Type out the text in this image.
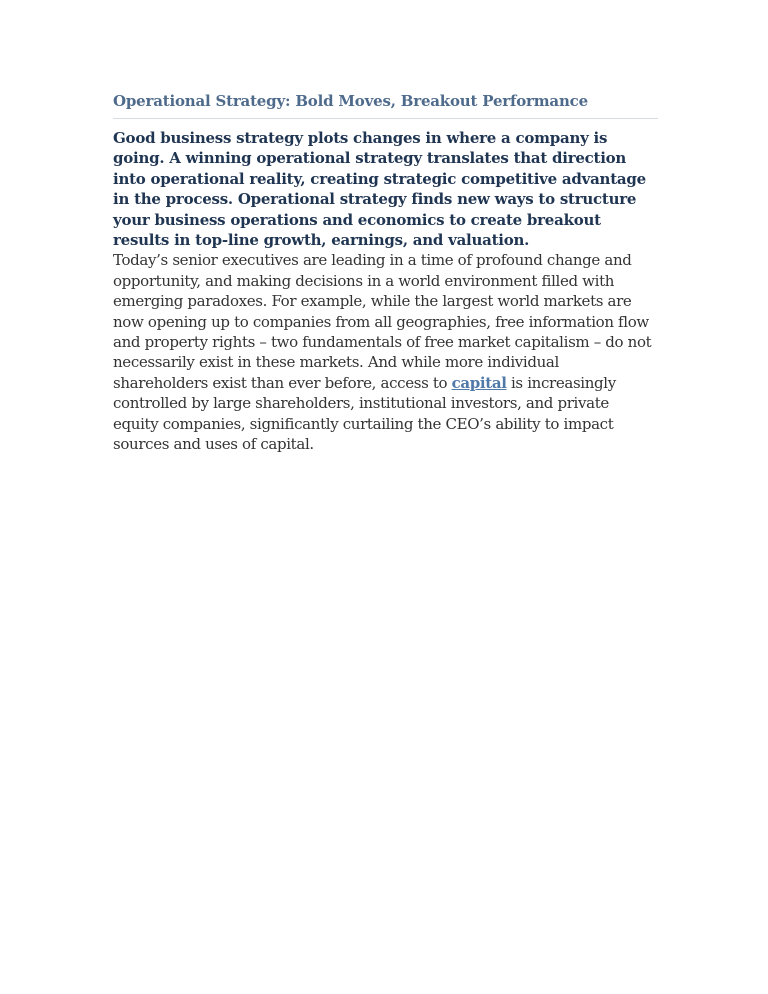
Operational Strategy: Bold Moves, Breakout Performance

Good business strategy plots changes in where a company is going. A winning operational strategy translates that direction into operational reality, creating strategic competitive advantage in the process. Operational strategy finds new ways to structure your business operations and economics to create breakout results in top-line growth, earnings, and valuation.

Today’s senior executives are leading in a time of profound change and opportunity, and making decisions in a world environment filled with emerging paradoxes. For example, while the largest world markets are now opening up to companies from all geographies, free information flow and property rights – two fundamentals of free market capitalism – do not necessarily exist in these markets. And while more individual shareholders exist than ever before, access to capital is increasingly controlled by large shareholders, institutional investors, and private equity companies, significantly curtailing the CEO’s ability to impact sources and uses of capital.
